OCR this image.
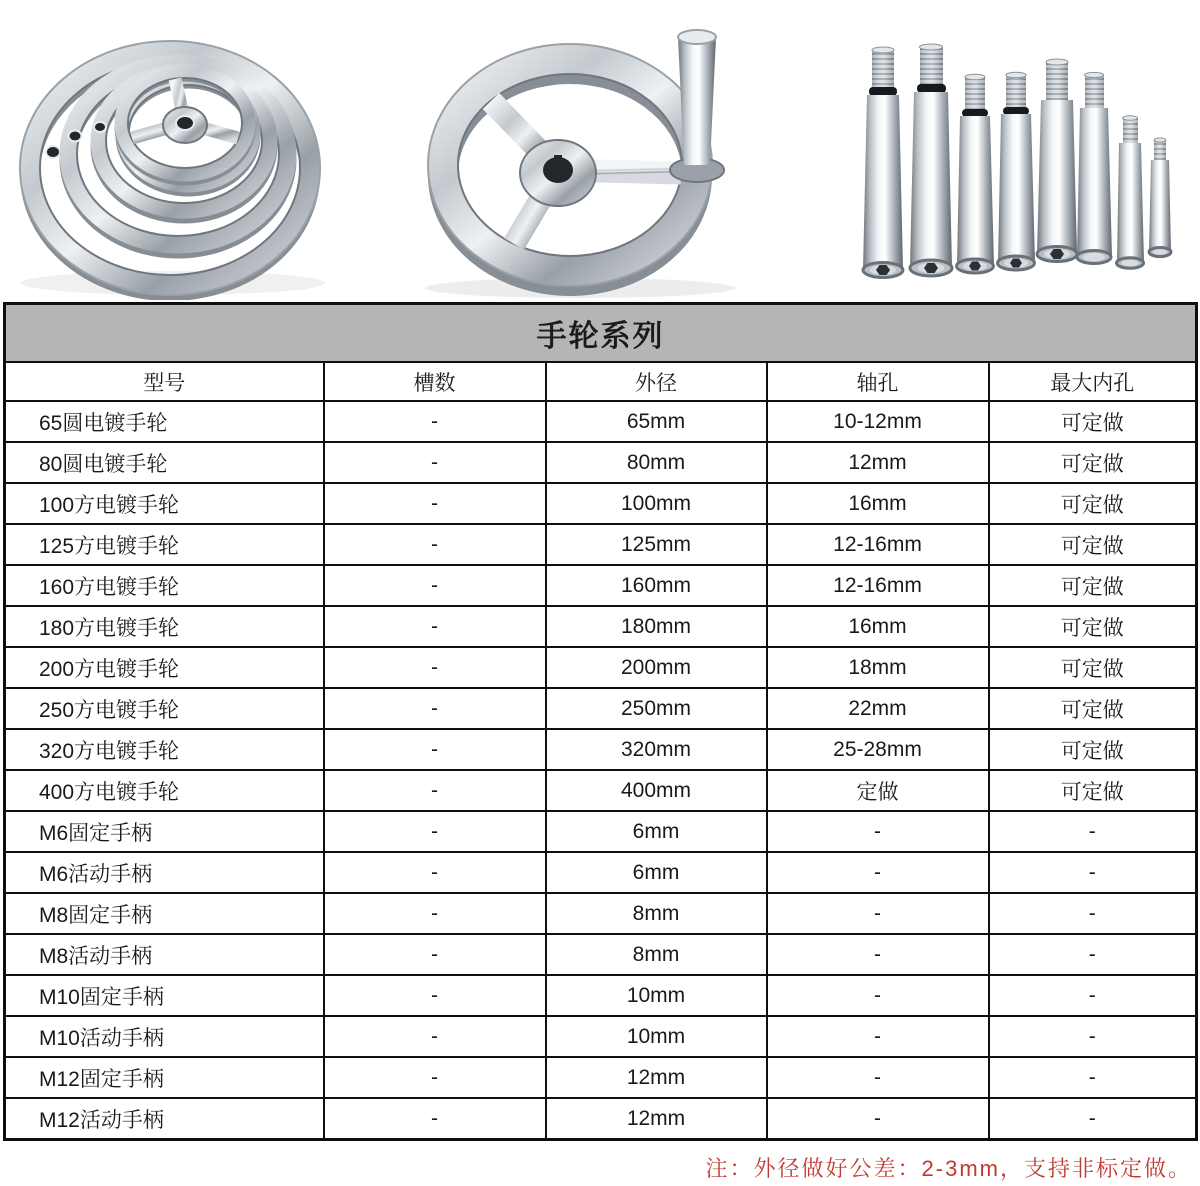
手轮系列				
型号	槽数	外径	轴孔	最大内孔
65圆电镀手轮	-	65mm	10-12mm	可定做
80圆电镀手轮	-	80mm	12mm	可定做
100方电镀手轮	-	100mm	16mm	可定做
125方电镀手轮	-	125mm	12-16mm	可定做
160方电镀手轮	-	160mm	12-16mm	可定做
180方电镀手轮	-	180mm	16mm	可定做
200方电镀手轮	-	200mm	18mm	可定做
250方电镀手轮	-	250mm	22mm	可定做
320方电镀手轮	-	320mm	25-28mm	可定做
400方电镀手轮	-	400mm	定做	可定做
M6固定手柄	-	6mm	-	-
M6活动手柄	-	6mm	-	-
M8固定手柄	-	8mm	-	-
M8活动手柄	-	8mm	-	-
M10固定手柄	-	10mm	-	-
M10活动手柄	-	10mm	-	-
M12固定手柄	-	12mm	-	-
M12活动手柄	-	12mm	-	-
注：外径做好公差：2-3mm，支持非标定做。
